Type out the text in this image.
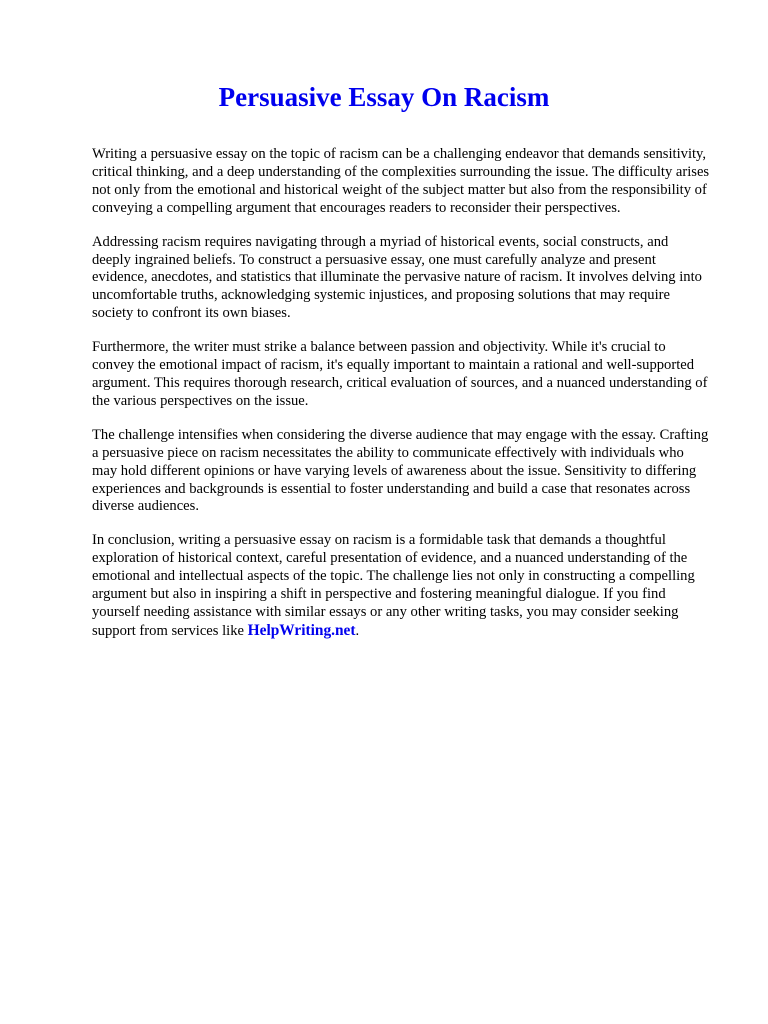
Persuasive Essay On Racism

Writing a persuasive essay on the topic of racism can be a challenging endeavor that demands sensitivity, critical thinking, and a deep understanding of the complexities surrounding the issue. The difficulty arises not only from the emotional and historical weight of the subject matter but also from the responsibility of conveying a compelling argument that encourages readers to reconsider their perspectives.

Addressing racism requires navigating through a myriad of historical events, social constructs, and deeply ingrained beliefs. To construct a persuasive essay, one must carefully analyze and present evidence, anecdotes, and statistics that illuminate the pervasive nature of racism. It involves delving into uncomfortable truths, acknowledging systemic injustices, and proposing solutions that may require society to confront its own biases.

Furthermore, the writer must strike a balance between passion and objectivity. While it's crucial to convey the emotional impact of racism, it's equally important to maintain a rational and well-supported argument. This requires thorough research, critical evaluation of sources, and a nuanced understanding of the various perspectives on the issue.

The challenge intensifies when considering the diverse audience that may engage with the essay. Crafting a persuasive piece on racism necessitates the ability to communicate effectively with individuals who may hold different opinions or have varying levels of awareness about the issue. Sensitivity to differing experiences and backgrounds is essential to foster understanding and build a case that resonates across diverse audiences.

In conclusion, writing a persuasive essay on racism is a formidable task that demands a thoughtful exploration of historical context, careful presentation of evidence, and a nuanced understanding of the emotional and intellectual aspects of the topic. The challenge lies not only in constructing a compelling argument but also in inspiring a shift in perspective and fostering meaningful dialogue. If you find yourself needing assistance with similar essays or any other writing tasks, you may consider seeking support from services like HelpWriting.net.
